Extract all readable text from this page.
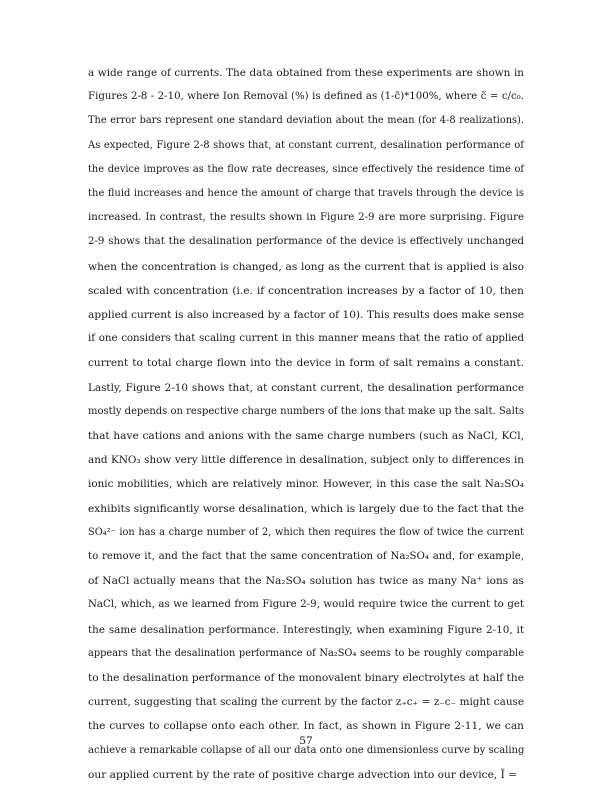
a wide range of currents. The data obtained from these experiments are shown in
Figures 2-8 - 2-10, where Ion Removal (%) is defined as (1-c̃)*100%, where c̃ = c/c₀.
The error bars represent one standard deviation about the mean (for 4-8 realizations).
As expected, Figure 2-8 shows that, at constant current, desalination performance of
the device improves as the flow rate decreases, since effectively the residence time of
the fluid increases and hence the amount of charge that travels through the device is
increased. In contrast, the results shown in Figure 2-9 are more surprising. Figure
2-9 shows that the desalination performance of the device is effectively unchanged
when the concentration is changed, as long as the current that is applied is also
scaled with concentration (i.e. if concentration increases by a factor of 10, then
applied current is also increased by a factor of 10). This results does make sense
if one considers that scaling current in this manner means that the ratio of applied
current to total charge flown into the device in form of salt remains a constant.
Lastly, Figure 2-10 shows that, at constant current, the desalination performance
mostly depends on respective charge numbers of the ions that make up the salt. Salts
that have cations and anions with the same charge numbers (such as NaCl, KCl,
and KNO₃ show very little difference in desalination, subject only to differences in
ionic mobilities, which are relatively minor. However, in this case the salt Na₂SO₄
exhibits significantly worse desalination, which is largely due to the fact that the
SO₄²⁻ ion has a charge number of 2, which then requires the flow of twice the current
to remove it, and the fact that the same concentration of Na₂SO₄ and, for example,
of NaCl actually means that the Na₂SO₄ solution has twice as many Na⁺ ions as
NaCl, which, as we learned from Figure 2-9, would require twice the current to get
the same desalination performance. Interestingly, when examining Figure 2-10, it
appears that the desalination performance of Na₂SO₄ seems to be roughly comparable
to the desalination performance of the monovalent binary electrolytes at half the
current, suggesting that scaling the current by the factor z₊c₊ = z₋c₋ might cause
the curves to collapse onto each other. In fact, as shown in Figure 2-11, we can
achieve a remarkable collapse of all our data onto one dimensionless curve by scaling
our applied current by the rate of positive charge advection into our device, Ĩ =
57
